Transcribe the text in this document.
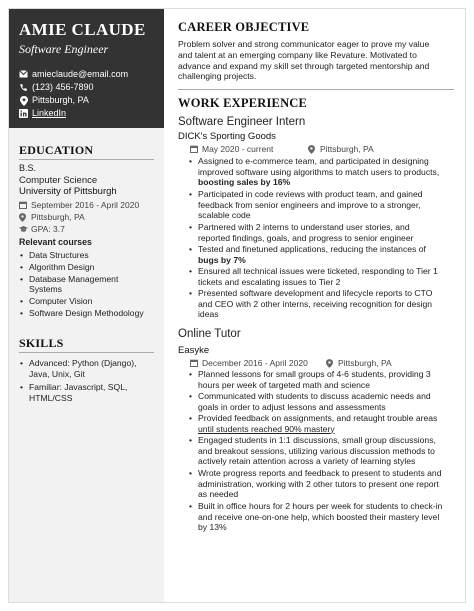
AMIE CLAUDE
Software Engineer
amieclaude@email.com
(123) 456-7890
Pittsburgh, PA
LinkedIn
EDUCATION
B.S.
Computer Science
University of Pittsburgh
September 2016 - April 2020
Pittsburgh, PA
GPA: 3.7
Relevant courses
• Data Structures
• Algorithm Design
• Database Management
Systems
• Computer Vision
• Software Design Methodology
SKILLS
• Advanced: Python (Django),
Java, Unix, Git
• Familiar: Javascript, SQL,
HTML/CSS
CAREER OBJECTIVE
Problem solver and strong communicator eager to prove my value
and talent at an emerging company like Revature. Motivated to
advance and expand my skill set through targeted mentorship and
challenging projects.
WORK EXPERIENCE
Software Engineer Intern
DICK's Sporting Goods
May 2020 - current	Pittsburgh, PA
• Assigned to e-commerce team, and participated in designing
improved software using algorithms to match users to products,
boosting sales by 16%
• Participated in code reviews with product team, and gained
feedback from senior engineers and improve to a stronger,
scalable code
• Partnered with 2 interns to understand user stories, and
reported findings, goals, and progress to senior engineer
• Tested and finetuned applications, reducing the instances of
bugs by 7%
• Ensured all technical issues were ticketed, responding to Tier 1
tickets and escalating issues to Tier 2
• Presented software development and lifecycle reports to CTO
and CEO with 2 other interns, receiving recognition for design
ideas
Online Tutor
Easyke
December 2016 - April 2020	Pittsburgh, PA
• Planned lessons for small groups of 4-6 students, providing 3
hours per week of targeted math and science
• Communicated with students to discuss academic needs and
goals in order to adjust lessons and assessments
• Provided feedback on assignments, and retaught trouble areas
until students reached 90% mastery
• Engaged students in 1:1 discussions, small group discussions,
and breakout sessions, utilizing various discussion methods to
actively retain attention across a variety of learning styles
• Wrote progress reports and feedback to present to students and
administration, working with 2 other tutors to present one report
as needed
• Built in office hours for 2 hours per week for students to check-in
and receive one-on-one help, which boosted their mastery level
by 13%
